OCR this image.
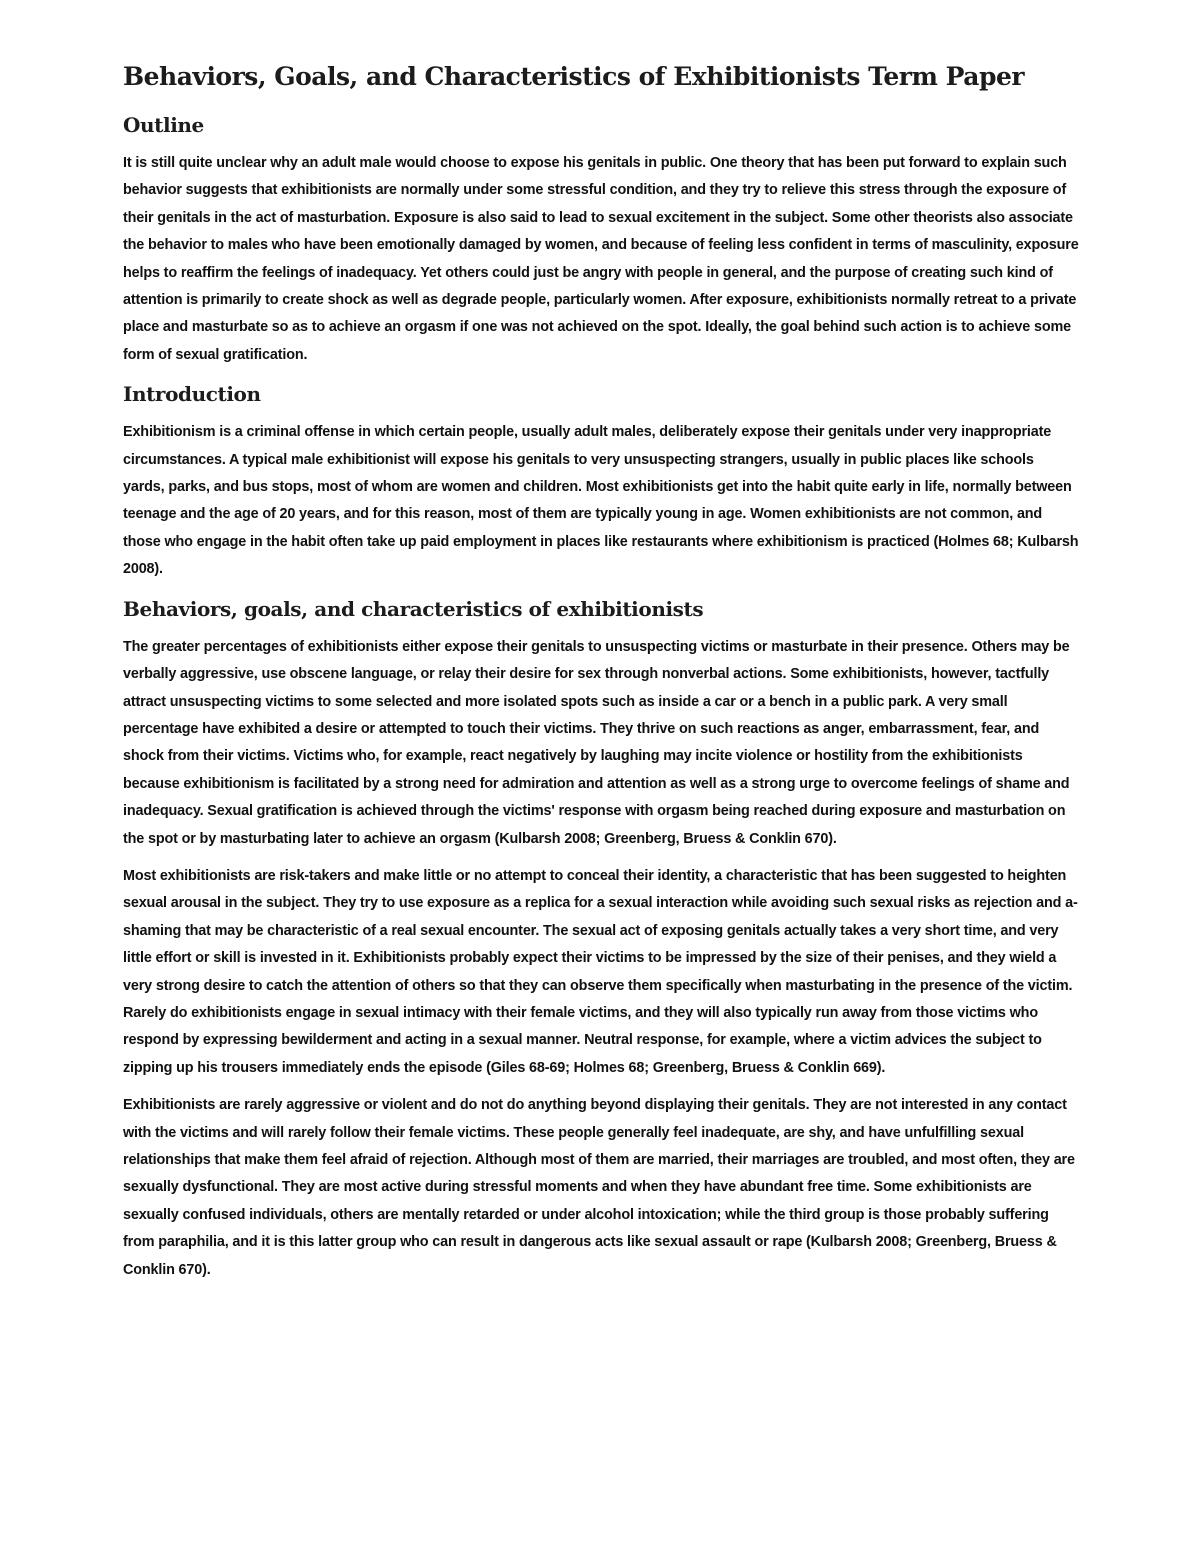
Behaviors, Goals, and Characteristics of Exhibitionists Term Paper
Outline

It is still quite unclear why an adult male would choose to expose his genitals in public. One theory that has been put forward to explain such behavior suggests that exhibitionists are normally under some stressful condition, and they try to relieve this stress through the exposure of their genitals in the act of masturbation. Exposure is also said to lead to sexual excitement in the subject. Some other theorists also associate the behavior to males who have been emotionally damaged by women, and because of feeling less confident in terms of masculinity, exposure helps to reaffirm the feelings of inadequacy. Yet others could just be angry with people in general, and the purpose of creating such kind of attention is primarily to create shock as well as degrade people, particularly women. After exposure, exhibitionists normally retreat to a private place and masturbate so as to achieve an orgasm if one was not achieved on the spot. Ideally, the goal behind such action is to achieve some form of sexual gratification.

Introduction

Exhibitionism is a criminal offense in which certain people, usually adult males, deliberately expose their genitals under very inappropriate circumstances. A typical male exhibitionist will expose his genitals to very unsuspecting strangers, usually in public places like schools yards, parks, and bus stops, most of whom are women and children. Most exhibitionists get into the habit quite early in life, normally between teenage and the age of 20 years, and for this reason, most of them are typically young in age. Women exhibitionists are not common, and those who engage in the habit often take up paid employment in places like restaurants where exhibitionism is practiced (Holmes 68; Kulbarsh 2008).

Behaviors, goals, and characteristics of exhibitionists

The greater percentages of exhibitionists either expose their genitals to unsuspecting victims or masturbate in their presence. Others may be verbally aggressive, use obscene language, or relay their desire for sex through nonverbal actions. Some exhibitionists, however, tactfully attract unsuspecting victims to some selected and more isolated spots such as inside a car or a bench in a public park. A very small percentage have exhibited a desire or attempted to touch their victims. They thrive on such reactions as anger, embarrassment, fear, and shock from their victims. Victims who, for example, react negatively by laughing may incite violence or hostility from the exhibitionists because exhibitionism is facilitated by a strong need for admiration and attention as well as a strong urge to overcome feelings of shame and inadequacy. Sexual gratification is achieved through the victims' response with orgasm being reached during exposure and masturbation on the spot or by masturbating later to achieve an orgasm (Kulbarsh 2008; Greenberg, Bruess & Conklin 670).

Most exhibitionists are risk-takers and make little or no attempt to conceal their identity, a characteristic that has been suggested to heighten sexual arousal in the subject. They try to use exposure as a replica for a sexual interaction while avoiding such sexual risks as rejection and a-shaming that may be characteristic of a real sexual encounter. The sexual act of exposing genitals actually takes a very short time, and very little effort or skill is invested in it. Exhibitionists probably expect their victims to be impressed by the size of their penises, and they wield a very strong desire to catch the attention of others so that they can observe them specifically when masturbating in the presence of the victim. Rarely do exhibitionists engage in sexual intimacy with their female victims, and they will also typically run away from those victims who respond by expressing bewilderment and acting in a sexual manner. Neutral response, for example, where a victim advices the subject to zipping up his trousers immediately ends the episode (Giles 68-69; Holmes 68; Greenberg, Bruess & Conklin 669).

Exhibitionists are rarely aggressive or violent and do not do anything beyond displaying their genitals. They are not interested in any contact with the victims and will rarely follow their female victims. These people generally feel inadequate, are shy, and have unfulfilling sexual relationships that make them feel afraid of rejection. Although most of them are married, their marriages are troubled, and most often, they are sexually dysfunctional. They are most active during stressful moments and when they have abundant free time. Some exhibitionists are sexually confused individuals, others are mentally retarded or under alcohol intoxication; while the third group is those probably suffering from paraphilia, and it is this latter group who can result in dangerous acts like sexual assault or rape (Kulbarsh 2008; Greenberg, Bruess & Conklin 670).
